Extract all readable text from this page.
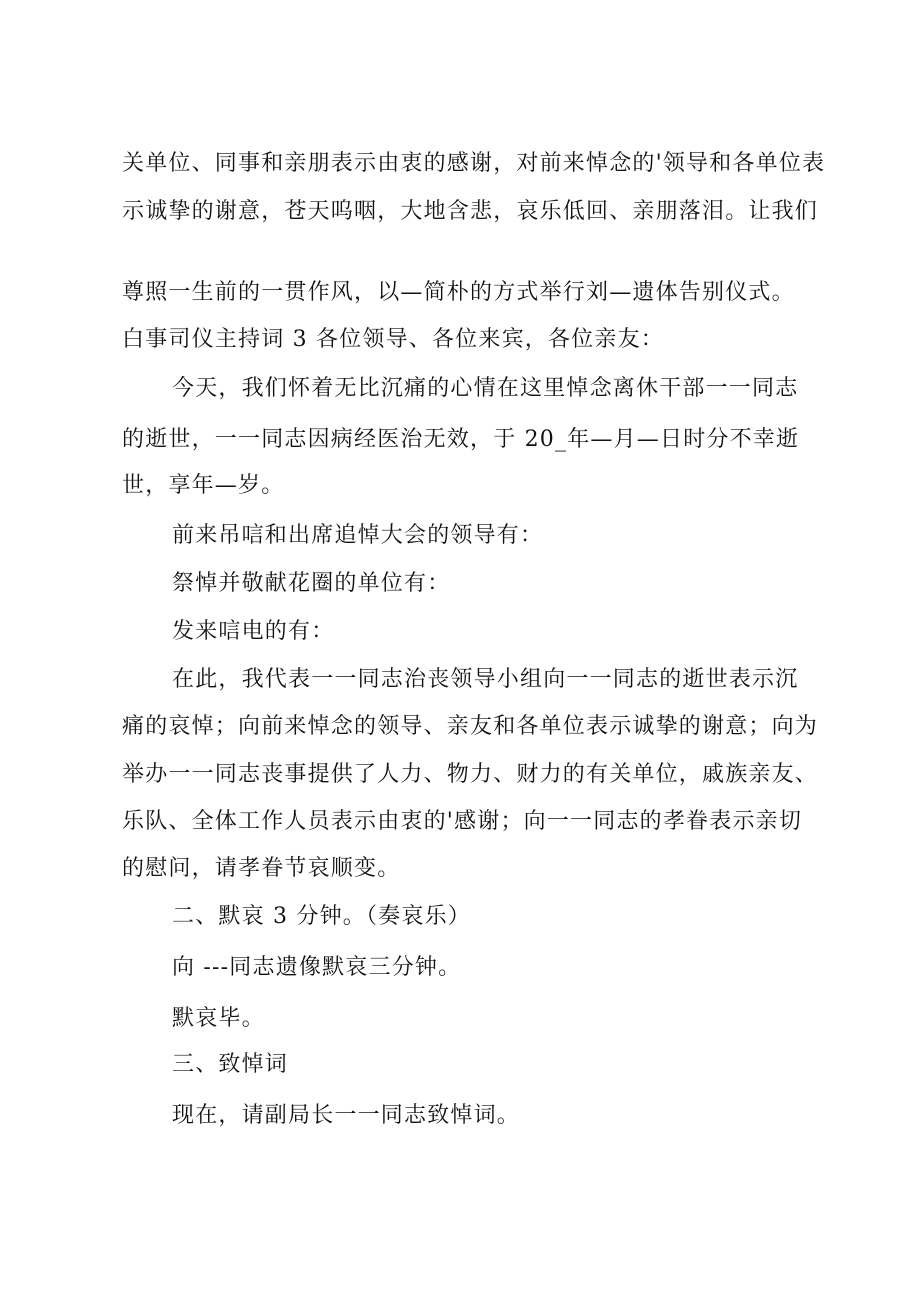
关单位、同事和亲朋表示由衷的感谢，对前来悼念的'领导和各单位表
示诚挚的谢意，苍天呜咽，大地含悲，哀乐低回、亲朋落泪。让我们
尊照一生前的一贯作风，以—简朴的方式举行刘—遗体告别仪式。
白事司仪主持词 3 各位领导、各位来宾，各位亲友：
今天，我们怀着无比沉痛的心情在这里悼念离休干部一一同志
的逝世，一一同志因病经医治无效，于 20_年—月—日时分不幸逝
世，享年—岁。
前来吊唁和出席追悼大会的领导有：
祭悼并敬献花圈的单位有：
发来唁电的有：
在此，我代表一一同志治丧领导小组向一一同志的逝世表示沉
痛的哀悼；向前来悼念的领导、亲友和各单位表示诚挚的谢意；向为
举办一一同志丧事提供了人力、物力、财力的有关单位，戚族亲友、
乐队、全体工作人员表示由衷的'感谢；向一一同志的孝眷表示亲切
的慰问，请孝眷节哀顺变。
二、默哀 3 分钟。（奏哀乐）
向 ---同志遗像默哀三分钟。
默哀毕。
三、致悼词
现在，请副局长一一同志致悼词。
